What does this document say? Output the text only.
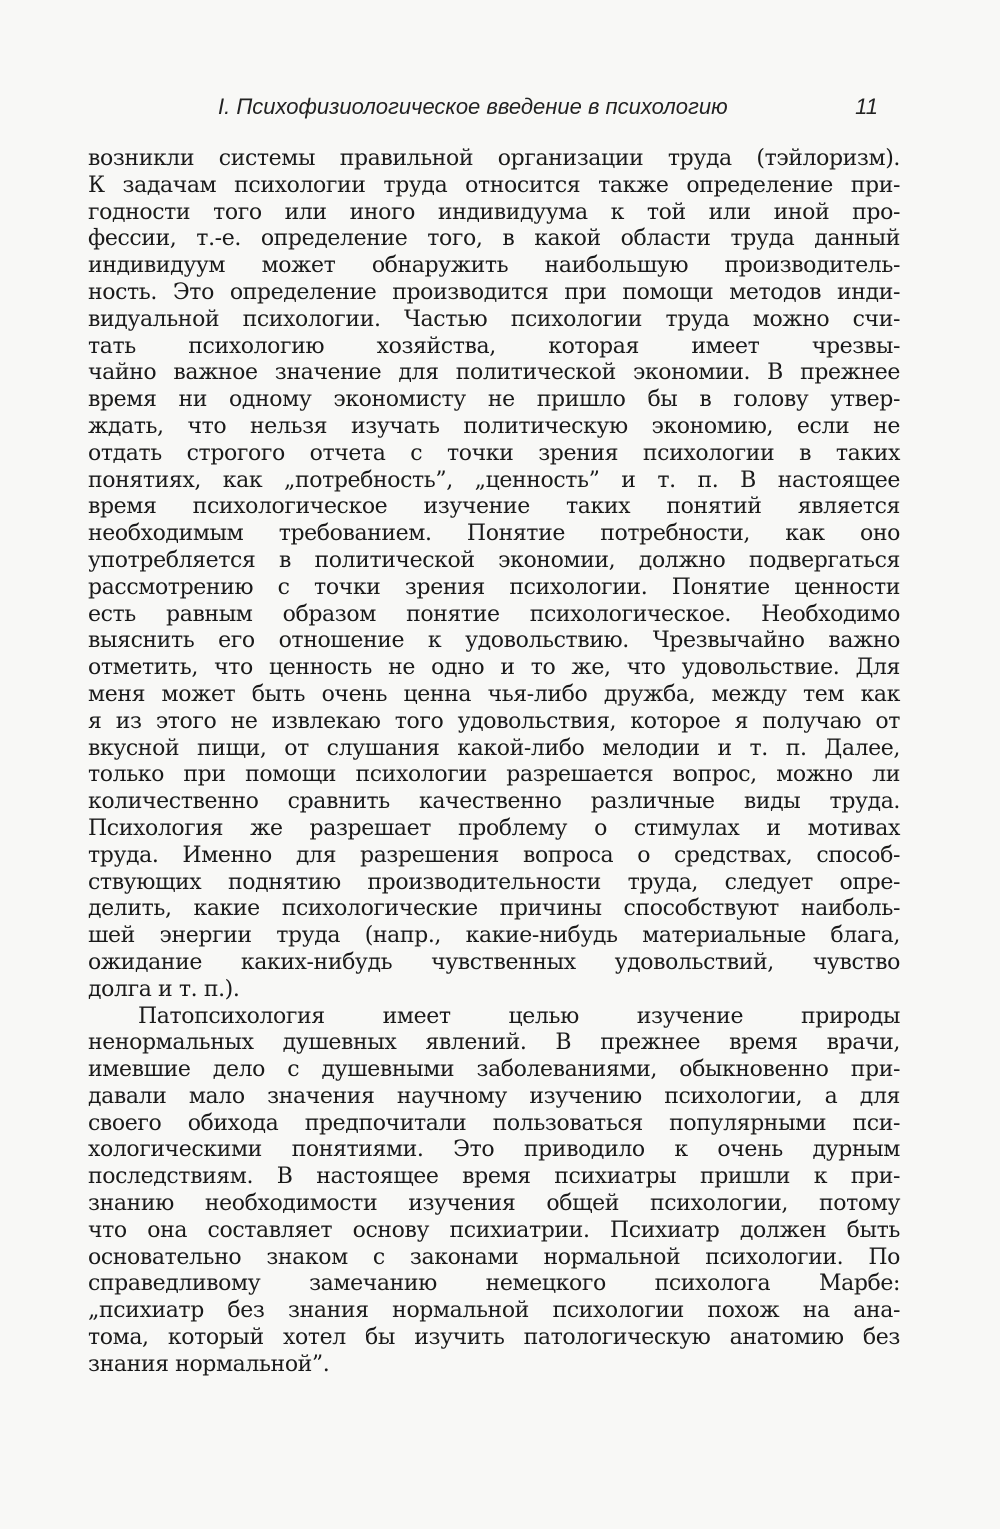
I. Психофизиологическое введение в психологию	11
возникли системы правильной организации труда (тэйлоризм).
К задачам психологии труда относится также определение при-
годности того или иного индивидуума к той или иной про-
фессии, т.-е. определение того, в какой области труда данный
индивидуум может обнаружить наибольшую производитель-
ность. Это определение производится при помощи методов инди-
видуальной психологии. Частью психологии труда можно счи-
тать психологию хозяйства, которая имеет чрезвы-
чайно важное значение для политической экономии. В прежнее
время ни одному экономисту не пришло бы в голову утвер-
ждать, что нельзя изучать политическую экономию, если не
отдать строгого отчета с точки зрения психологии в таких
понятиях, как „потребность”, „ценность” и т. п. В настоящее
время психологическое изучение таких понятий является
необходимым требованием. Понятие потребности, как оно
употребляется в политической экономии, должно подвергаться
рассмотрению с точки зрения психологии. Понятие ценности
есть равным образом понятие психологическое. Необходимо
выяснить его отношение к удовольствию. Чрезвычайно важно
отметить, что ценность не одно и то же, что удовольствие. Для
меня может быть очень ценна чья-либо дружба, между тем как
я из этого не извлекаю того удовольствия, которое я получаю от
вкусной пищи, от слушания какой-либо мелодии и т. п. Далее,
только при помощи психологии разрешается вопрос, можно ли
количественно сравнить качественно различные виды труда.
Психология же разрешает проблему о стимулах и мотивах
труда. Именно для разрешения вопроса о средствах, способ-
ствующих поднятию производительности труда, следует опре-
делить, какие психологические причины способствуют наиболь-
шей энергии труда (напр., какие-нибудь материальные блага,
ожидание каких-нибудь чувственных удовольствий, чувство
долга и т. п.).
Патопсихология имеет целью изучение природы
ненормальных душевных явлений. В прежнее время врачи,
имевшие дело с душевными заболеваниями, обыкновенно при-
давали мало значения научному изучению психологии, а для
своего обихода предпочитали пользоваться популярными пси-
хологическими понятиями. Это приводило к очень дурным
последствиям. В настоящее время психиатры пришли к при-
знанию необходимости изучения общей психологии, потому
что она составляет основу психиатрии. Психиатр должен быть
основательно знаком с законами нормальной психологии. По
справедливому замечанию немецкого психолога Марбе:
„психиатр без знания нормальной психологии похож на ана-
тома, который хотел бы изучить патологическую анатомию без
знания нормальной”.
